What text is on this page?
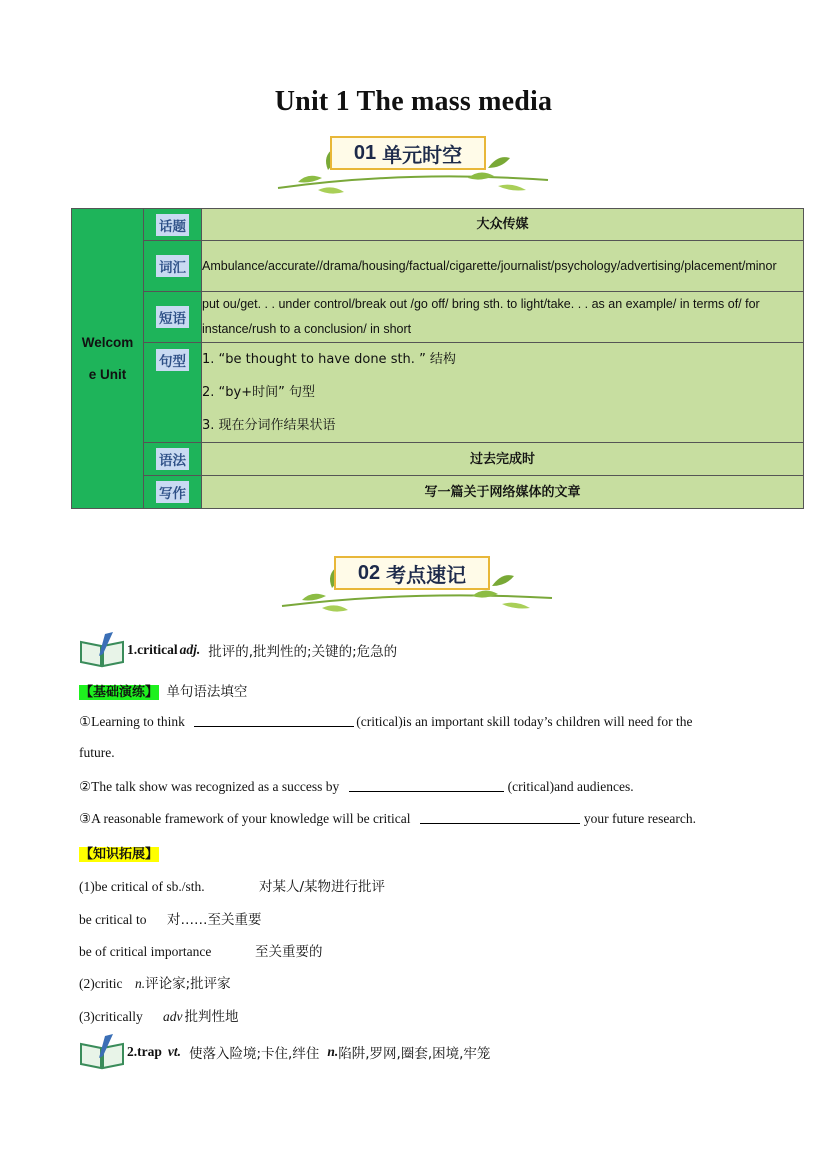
Unit 1 The mass media
01 单元时空
Welcome Unit	话题	大众传媒
	词汇	Ambulance/accurate//drama/housing/factual/cigarette/journalist/psychology/advertising/placement/minor
	短语	put ou/get. . . under control/break out /go off/ bring sth. to light/take. . . as an example/ in terms of/ for instance/rush to a conclusion/ in short
	句型	1. “be thought to have done sth. ” 结构
2. “by+时间” 句型
3. 现在分词作结果状语

	语法	过去完成时
	写作	写一篇关于网络媒体的文章
02 考点速记
1.critical adj. 批评的,批判性的;关键的;危急的
【基础演练】 单句语法填空
①Learning to think	(critical)is an important skill today’s children will need for the
future.
②The talk show was recognized as a success by	(critical)and audiences.
③A reasonable framework of your knowledge will be critical	your future research.
【知识拓展】
(1)be critical of sb./sth.	对某人/某物进行批评
be critical to 对……至关重要
be of critical importance	至关重要的
(2)critic n.评论家;批评家
(3)critically adv 批判性地
2.trap vt. 使落入险境;卡住,绊住 n. 陷阱,罗网,圈套,困境,牢笼
